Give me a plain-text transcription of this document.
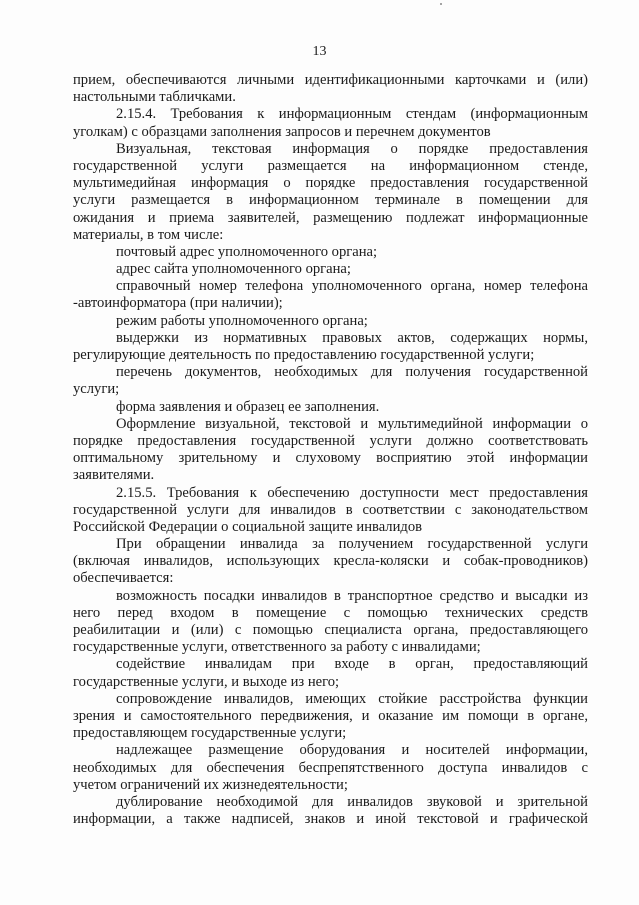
13
прием, обеспечиваются личными идентификационными карточками и (или)
настольными табличками.
2.15.4. Требования к информационным стендам (информационным
уголкам) с образцами заполнения запросов и перечнем документов
Визуальная, текстовая информация о порядке предоставления
государственной услуги размещается на информационном стенде,
мультимедийная информация о порядке предоставления государственной
услуги размещается в информационном терминале в помещении для
ожидания и приема заявителей, размещению подлежат информационные
материалы, в том числе:
почтовый адрес уполномоченного органа;
адрес сайта уполномоченного органа;
справочный номер телефона уполномоченного органа, номер телефона
-автоинформатора (при наличии);
режим работы уполномоченного органа;
выдержки из нормативных правовых актов, содержащих нормы,
регулирующие деятельность по предоставлению государственной услуги;
перечень документов, необходимых для получения государственной
услуги;
форма заявления и образец ее заполнения.
Оформление визуальной, текстовой и мультимедийной информации о
порядке предоставления государственной услуги должно соответствовать
оптимальному зрительному и слуховому восприятию этой информации
заявителями.
2.15.5. Требования к обеспечению доступности мест предоставления
государственной услуги для инвалидов в соответствии с законодательством
Российской Федерации о социальной защите инвалидов
При обращении инвалида за получением государственной услуги
(включая инвалидов, использующих кресла-коляски и собак-проводников)
обеспечивается:
возможность посадки инвалидов в транспортное средство и высадки из
него перед входом в помещение с помощью технических средств
реабилитации и (или) с помощью специалиста органа, предоставляющего
государственные услуги, ответственного за работу с инвалидами;
содействие инвалидам при входе в орган, предоставляющий
государственные услуги, и выходе из него;
сопровождение инвалидов, имеющих стойкие расстройства функции
зрения и самостоятельного передвижения, и оказание им помощи в органе,
предоставляющем государственные услуги;
надлежащее размещение оборудования и носителей информации,
необходимых для обеспечения беспрепятственного доступа инвалидов с
учетом ограничений их жизнедеятельности;
дублирование необходимой для инвалидов звуковой и зрительной
информации, а также надписей, знаков и иной текстовой и графической
